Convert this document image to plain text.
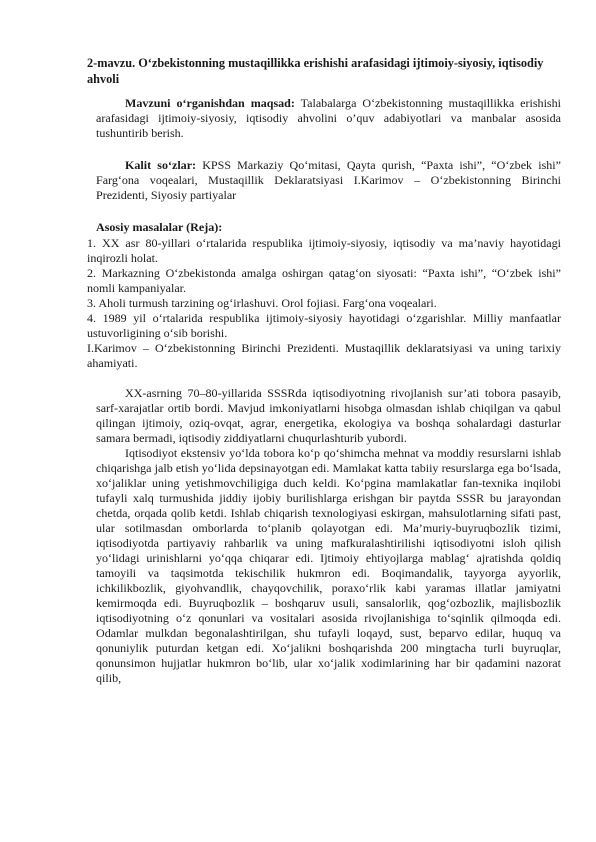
2-mavzu. O‘zbekistonning mustaqillikka erishishi arafasidagi ijtimoiy-siyosiy, iqtisodiy ahvoli

Mavzuni o‘rganishdan maqsad: Talabalarga O‘zbekistonning mustaqillikka erishishi arafasidagi ijtimoiy-siyosiy, iqtisodiy ahvolini o’quv adabiyotlari va manbalar asosida tushuntirib berish.

Kalit so‘zlar: KPSS Markaziy Qo‘mitasi, Qayta qurish, “Paxta ishi”, “O‘zbek ishi” Farg‘ona voqealari, Mustaqillik Deklaratsiyasi I.Karimov – O‘zbekistonning Birinchi Prezidenti, Siyosiy partiyalar

Asosiy masalalar (Reja):

1. XX asr 80-yillari o‘rtalarida respublika ijtimoiy-siyosiy, iqtisodiy va ma’naviy hayotidagi inqirozli holat.

2. Markazning O‘zbekistonda amalga oshirgan qatag‘on siyosati: “Paxta ishi”, “O‘zbek ishi” nomli kampaniyalar.

3. Aholi turmush tarzining og‘irlashuvi. Orol fojiasi. Farg‘ona voqealari.

4. 1989 yil o‘rtalarida respublika ijtimoiy-siyosiy hayotidagi o‘zgarishlar. Milliy manfaatlar ustuvorligining o‘sib borishi.

I.Karimov – O‘zbekistonning Birinchi Prezidenti. Mustaqillik deklaratsiyasi va uning tarixiy ahamiyati.

XX-asrning 70–80-yillarida SSSRda iqtisodiyotning rivojlanish sur’ati tobora pasayib, sarf-xarajatlar ortib bordi. Mavjud imkoniyatlarni hisobga olmasdan ishlab chiqilgan va qabul qilingan ijtimoiy, oziq-ovqat, agrar, energetika, ekologiya va boshqa sohalardagi dasturlar samara bermadi, iqtisodiy ziddiyatlarni chuqurlashturib yubordi.

Iqtisodiyot ekstensiv yo‘lda tobora ko‘p qo‘shimcha mehnat va moddiy resurslarni ishlab chiqarishga jalb etish yo‘lida depsinayotgan edi. Mamlakat katta tabiiy resurslarga ega bo‘lsada, xo‘jaliklar uning yetishmovchiligiga duch keldi. Ko‘pgina mamlakatlar fan-texnika inqilobi tufayli xalq turmushida jiddiy ijobiy burilishlarga erishgan bir paytda SSSR bu jarayondan chetda, orqada qolib ketdi. Ishlab chiqarish texnologiyasi eskirgan, mahsulotlarning sifati past, ular sotilmasdan omborlarda to‘planib qolayotgan edi. Ma’muriy-buyruqbozlik tizimi, iqtisodiyotda partiyaviy rahbarlik va uning mafkuralashtirilishi iqtisodiyotni isloh qilish yo‘lidagi urinishlarni yo‘qqa chiqarar edi. Ijtimoiy ehtiyojlarga mablag‘ ajratishda qoldiq tamoyili va taqsimotda tekischilik hukmron edi. Boqimandalik, tayyorga ayyorlik, ichkilikbozlik, giyohvandlik, chayqovchilik, poraxo‘rlik kabi yaramas illatlar jamiyatni kemirmoqda edi. Buyruqbozlik – boshqaruv usuli, sansalorlik, qog‘ozbozlik, majlisbozlik iqtisodiyotning o‘z qonunlari va vositalari asosida rivojlanishiga to‘sqinlik qilmoqda edi. Odamlar mulkdan begonalashtirilgan, shu tufayli loqayd, sust, beparvo edilar, huquq va qonuniylik puturdan ketgan edi. Xo‘jalikni boshqarishda 200 mingtacha turli buyruqlar, qonunsimon hujjatlar hukmron bo‘lib, ular xo‘jalik xodimlarining har bir qadamini nazorat qilib,
